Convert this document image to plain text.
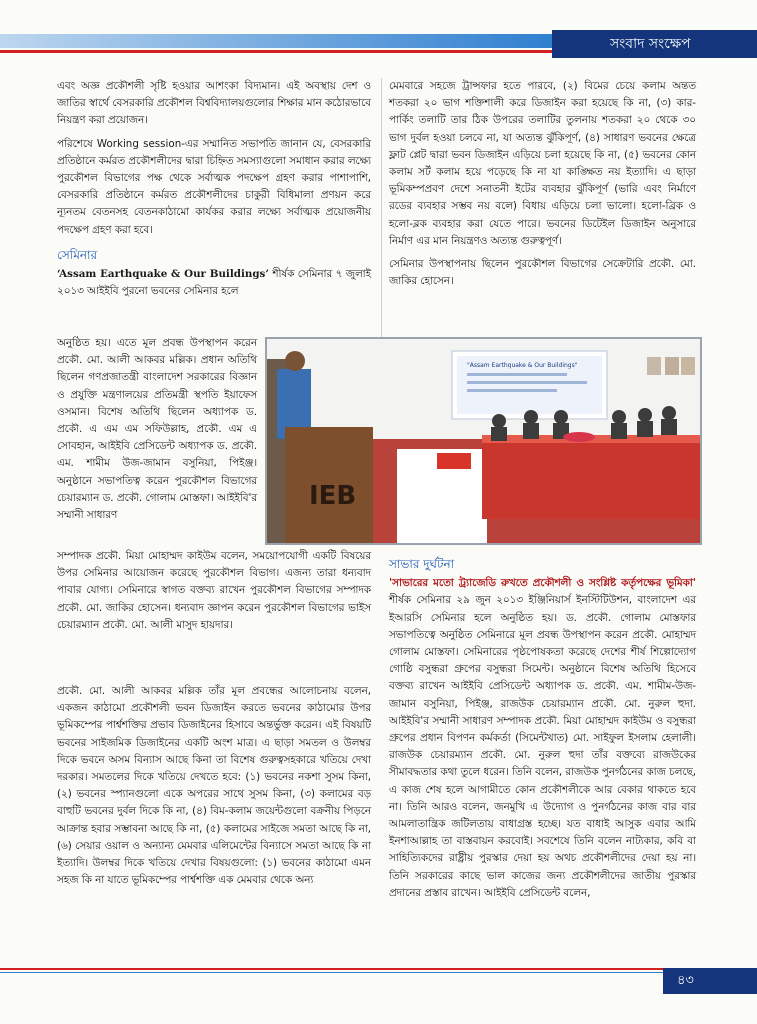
সংবাদ সংক্ষেপ

এবং অজ্ঞ প্রকৌশলী সৃষ্টি হওয়ার আশংকা বিদ্যমান। এই অবস্থায় দেশ ও জাতির স্বার্থে বেসরকারি প্রকৌশল বিশ্ববিদ্যালয়গুলোর শিক্ষার মান কঠোরভাবে নিয়ন্ত্রণ করা প্রয়োজন।

পরিশেষে Working session-এর সম্মানিত সভাপতি জানান যে, বেসরকারি প্রতিষ্ঠানে কর্মরত প্রকৌশলীদের দ্বারা চিহ্নিত সমস্যাগুলো সমাধান করার লক্ষ্যে পুরকৌশল বিভাগের পক্ষ থেকে সর্বাত্মক পদক্ষেপ গ্রহণ করার পাশাপাশি, বেসরকারি প্রতিষ্ঠানে কর্মরত প্রকৌশলীদের চাকুরী বিধিমালা প্রণয়ন করে ন্যূনতম বেতনসহ বেতনকাঠামো কার্যকর করার লক্ষ্যে সর্বাত্মক প্রয়োজনীয় পদক্ষেপ গ্রহণ করা হবে।

সেমিনার
‘Assam Earthquake & Our Buildings’ শীর্ষক সেমিনার ৭ জুলাই ২০১৩ আইইবি পুরনো ভবনের সেমিনার হলে

অনুষ্ঠিত হয়। এতে মূল প্রবন্ধ উপস্থাপন করেন প্রকৌ. মো. আলী আকবর মল্লিক। প্রধান অতিথি ছিলেন গণপ্রজাতন্ত্রী বাংলাদেশ সরকারের বিজ্ঞান ও প্রযুক্তি মন্ত্রণালয়ের প্রতিমন্ত্রী স্থপতি ইয়াফেস ওসমান। বিশেষ অতিথি ছিলেন অধ্যাপক ড. প্রকৌ. এ এম এম সফিউল্লাহ, প্রকৌ. এম এ সোবহান, আইইবি প্রেসিডেন্ট অধ্যাপক ড. প্রকৌ. এম. শামীম উজ-জামান বসুনিয়া, পিইঞ্জ। অনুষ্ঠানে সভাপতিত্ব করেন পুরকৌশল বিভাগের চেয়ারম্যান ড. প্রকৌ. গোলাম মোস্তফা। আইইবি'র সম্মানী সাধারণ

মেমবারে সহজে ট্রান্সফার হতে পারবে, (২) বিমের চেয়ে কলাম অন্তত শতকরা ২০ ভাগ শক্তিশালী করে ডিজাইন করা হয়েছে কি না, (৩) কার-পার্কিং তলাটি তার ঠিক উপরের তলাটির তুলনায় শতকরা ২০ থেকে ৩০ ভাগ দুর্বল হওয়া চলবে না, যা অত্যন্ত ঝুঁকিপূর্ণ, (৪) সাধারণ ভবনের ক্ষেত্রে ফ্লাট প্লেট দ্বারা ভবন ডিজাইন এড়িয়ে চলা হয়েছে কি না, (৫) ভবনের কোন কলাম সর্ট কলাম হয়ে পড়েছে কি না যা কাঙ্ক্ষিত নয় ইত্যাদি। এ ছাড়া ভূমিকম্পপ্রবণ দেশে সনাতনী ইটের ব্যবহার ঝুঁকিপূর্ণ (ভারি এবং নির্মাণে রডের ব্যবহার সম্ভব নয় বলে) বিধায় এড়িয়ে চলা ভালো। হলো-ব্রিক ও হলো-ব্লক ব্যবহার করা যেতে পারে। ভবনের ডিটেইল ডিজাইন অনুসারে নির্মাণ এর মান নিয়ন্ত্রণও অত্যন্ত গুরুত্বপূর্ণ।

সেমিনার উপস্থাপনায় ছিলেন পুরকৌশল বিভাগের সেক্রেটারি প্রকৌ. মো. জাকির হোসেন।

"Assam Earthquake & Our Buildings"
IEB

সম্পাদক প্রকৌ. মিয়া মোহাম্মদ কাইউম বলেন, সময়োপযোগী একটি বিষয়ের উপর সেমিনার আয়োজন করেছে পুরকৌশল বিভাগ। এজন্য তারা ধন্যবাদ পাবার যোগ্য। সেমিনারে স্বাগত বক্তব্য রাখেন পুরকৌশল বিভাগের সম্পাদক প্রকৌ. মো. জাকির হোসেন। ধন্যবাদ জ্ঞাপন করেন পুরকৌশল বিভাগের ভাইস চেয়ারম্যান প্রকৌ. মো. আলী মাসুদ হায়দার।

প্রকৌ. মো. আলী আকবর মল্লিক তাঁর মূল প্রবন্ধের আলোচনায় বলেন, একজন কাঠামো প্রকৌশলী ভবন ডিজাইন করতে ভবনের কাঠামোর উপর ভূমিকম্পের পার্শ্বশক্তির প্রভাব ডিজাইনের হিসাবে অন্তর্ভুক্ত করেন। এই বিষয়টি ভবনের সাইজমিক ডিজাইনের একটি অংশ মাত্র। এ ছাড়া সমতল ও উলম্বর দিকে ভবনে অসম বিন্যাস আছে কিনা তা বিশেষ গুরুত্বসহকারে খতিয়ে দেখা দরকার। সমতলের দিকে খতিয়ে দেখতে হবে: (১) ভবনের নকশা সুসম কিনা, (২) ভবনের স্প্যানগুলো একে অপরের সাথে সুসম কিনা, (৩) কলামের বড় বাহুটি ভবনের দুর্বল দিকে কি না, (৪) বিম-কলাম জয়েন্টগুলো বক্রনীয় পিড়নে আক্রান্ত হবার সম্ভাবনা আছে কি না, (৫) কলামের সাইজে সমতা আছে কি না, (৬) সেয়ার ওয়াল ও অন্যান্য মেমবার এলিমেন্টের বিন্যাসে সমতা আছে কি না ইত্যাদি। উলম্বর দিকে খতিয়ে দেখার বিষয়গুলো: (১) ভবনের কাঠামো এমন সহজ কি না যাতে ভূমিকম্পের পার্শ্বশক্তি এক মেমবার থেকে অন্য

সাভার দুর্ঘটনা
'সাভারের মতো ট্র্যাজেডি রুখতে প্রকৌশলী ও সংশ্লিষ্ট কর্তৃপক্ষের ভূমিকা' শীর্ষক সেমিনার ২৯ জুন ২০১৩ ইঞ্জিনিয়ার্স ইনস্টিটিউশন, বাংলাদেশ এর ইআরসি সেমিনার হলে অনুষ্ঠিত হয়। ড. প্রকৌ. গোলাম মোস্তফার সভাপতিত্বে অনুষ্ঠিত সেমিনারে মূল প্রবন্ধ উপস্থাপন করেন প্রকৌ. মোহাম্মদ গোলাম মোস্তফা। সেমিনারের পৃষ্ঠপোষকতা করেছে দেশের শীর্ষ শিল্পোদ্যোগ গোষ্ঠি বসুন্ধরা গ্রুপের বসুন্ধরা সিমেন্ট। অনুষ্ঠানে বিশেষ অতিথি হিসেবে বক্তব্য রাখেন আইইবি প্রেসিডেন্ট অধ্যাপক ড. প্রকৌ. এম. শামীম-উজ-জামান বসুনিয়া, পিইঞ্জ, রাজউক চেয়ারম্যান প্রকৌ. মো. নুরুল হুদা. আইইবি'র সম্মানী সাধারণ সম্পাদক প্রকৌ. মিয়া মোহাম্মদ কাইউম ও বসুন্ধরা গ্রুপের প্রধান বিপণন কর্মকর্তা (সিমেন্টখাত) মো. সাইফুল ইসলাম হেলালী। রাজউক চেয়ারম্যান প্রকৌ. মো. নুরুল হুদা তাঁর বক্তব্যে রাজউকের সীমাবদ্ধতার কথা তুলে ধরেন। তিনি বলেন, রাজউক পুনর্গঠনের কাজ চলছে, এ কাজ শেষ হলে আগামীতে কোন প্রকৌশলীকে আর বেকার থাকতে হবে না। তিনি আরও বলেন, জনমুখি এ উদ্যোগ ও পুনর্গঠনের কাজ বার বার আমলাতান্ত্রিক জটিলতায় বাধাগ্রস্ত হচ্ছে। যত বাধাই আসুক এবার আমি ইনশাআল্লাহ তা বাস্তবায়ন করবোই। সবশেষে তিনি বলেন নাট্যকার, কবি বা সাহিত্যিকদের রাষ্ট্রীয় পুরস্কার দেয়া হয় অথচ প্রকৌশলীদের দেয়া হয় না। তিনি সরকারের কাছে ভাল কাজের জন্য প্রকৌশলীদের জাতীয় পুরস্কার প্রদানের প্রস্তাব রাখেন। আইইবি প্রেসিডেন্ট বলেন,
৪৩
